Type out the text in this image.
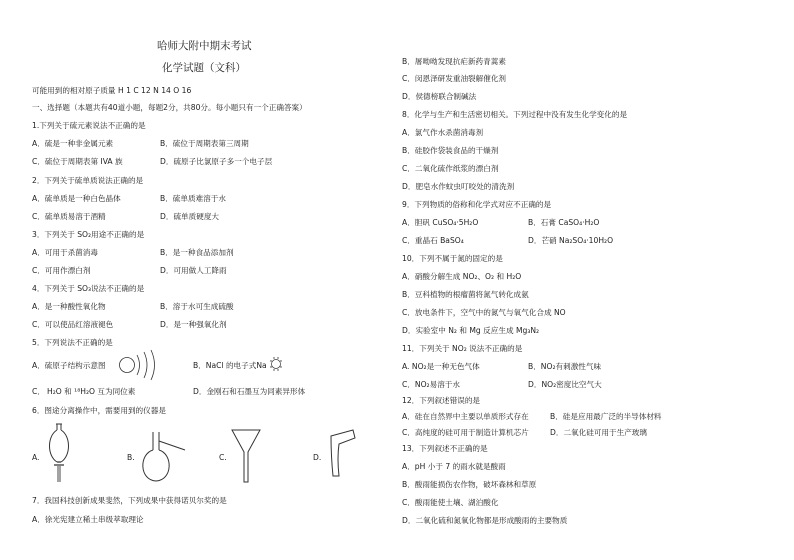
哈师大附中期末考试
化学试题（文科）
可能用到的相对原子质量 H 1 C 12 N 14 O 16
一、选择题（本题共有40道小题，每题2分，共80分。每小题只有一个正确答案）
1.下列关于硫元素说法不正确的是
A．硫是一种非金属元素	B．硫位于周期表第三周期
C．硫位于周期表第 IVA 族	D．硫原子比氯原子多一个电子层
2．下列关于硫单质说法正确的是
A．硫单质是一种白色晶体	B．硫单质难溶于水
C．硫单质易溶于酒精	D．硫单质硬度大
3．下列关于 SO₂用途不正确的是
A．可用于杀菌消毒	B．是一种食品添加剂
C．可用作漂白剂	D．可用做人工降雨
4．下列关于 SO₃说法不正确的是
A．是一种酸性氧化物	B．溶于水可生成硫酸
C．可以使品红溶液褪色	D．是一种强氧化剂
5．下列说法不正确的是
A．硫原子结构示意图	B．NaCl 的电子式Na
C． H₂O 和 ¹⁸H₂O 互为同位素	D．金刚石和石墨互为同素异形体
6．图途分离操作中，需要用到的仪器是
A.	B.	C.	D.
7．我国科技创新成果斐然，下列成果中获得诺贝尔奖的是
A．徐光宪建立稀土串级萃取理论
B．屠呦呦发现抗疟新药青蒿素
C．闵恩泽研发重油裂解催化剂
D．侯德榜联合制碱法
8．化学与生产和生活密切相关。下列过程中没有发生化学变化的是
A．氯气作水杀菌消毒剂
B．硅胶作袋装食品的干燥剂
C．二氧化硫作纸浆的漂白剂
D．肥皂水作蚊虫叮咬处的清洗剂
9．下列物质的俗称和化学式对应不正确的是
A．胆矾 CuSO₄·5H₂O	B．石膏 CaSO₄·H₂O
C．重晶石 BaSO₄	D．芒硝 Na₂SO₄·10H₂O
10．下列不属于氮的固定的是
A．硝酸分解生成 NO₂、O₂ 和 H₂O
B．豆科植物的根瘤菌将氮气转化成氨
C．放电条件下，空气中的氮气与氧气化合成 NO
D．实验室中 N₂ 和 Mg 反应生成 Mg₃N₂
11．下列关于 NO₂ 说法不正确的是
A. NO₂是一种无色气体	B．NO₂有刺激性气味
C．NO₂易溶于水	D．NO₂密度比空气大
12．下列叙述错误的是
A．硅在自然界中主要以单质形式存在	B．硅是应用最广泛的半导体材料
C．高纯度的硅可用于制造计算机芯片	D．二氧化硅可用于生产玻璃
13．下列叙述不正确的是
A．pH 小于 7 的雨水就是酸雨
B．酸雨能损伤农作物，破坏森林和草原
C．酸雨能使土壤、湖泊酸化
D．二氧化硫和氮氧化物都是形成酸雨的主要物质
